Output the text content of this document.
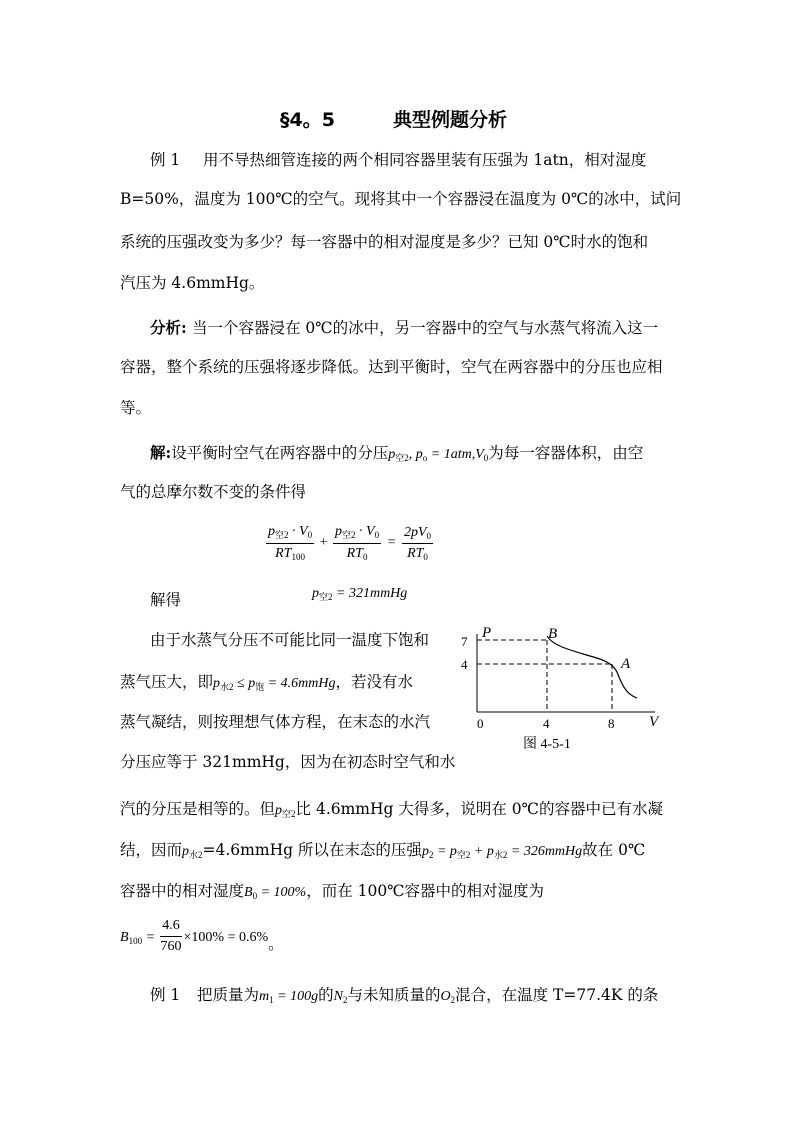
§4。5	典型例题分析
例 1 用不导热细管连接的两个相同容器里装有压强为 1atn，相对湿度
B=50%，温度为 100℃的空气。现将其中一个容器浸在温度为 0℃的冰中，试问
系统的压强改变为多少？每一容器中的相对湿度是多少？已知 0℃时水的饱和
汽压为 4.6mmHg。
分析: 当一个容器浸在 0℃的冰中，另一容器中的空气与水蒸气将流入这一
容器，整个系统的压强将逐步降低。达到平衡时，空气在两容器中的分压也应相
等。
解:设平衡时空气在两容器中的分压$p_{空2}$, $p_o = 1atm,V_0$为每一容器体积，由空
气的总摩尔数不变的条件得
$\frac{p_{空2} \cdot V_0}{RT_{100}} + \frac{p_{空2} \cdot V_0}{RT_0} = \frac{2pV_0}{RT_0}$
解得	$p_{空2}$ = 321mmHg
由于水蒸气分压不可能比同一温度下饱和
蒸气压大，即$p_{水2} \le p_饱$ = 4.6mmHg，若没有水
蒸气凝结，则按理想气体方程，在末态的水汽
分压应等于 321mmHg，因为在初态时空气和水
7
4
P	B
A
0	4	8 V
图 4-5-1
汽的分压是相等的。但$p_{空2}$比 4.6mmHg 大得多，说明在 0℃的容器中已有水凝
结，因而$p_{水2}=4.6mmHg$ 所以在末态的压强$p_2 = p_{空2} + p_{水2}$ = 326mmHg故在 0℃
容器中的相对湿度$B_0 = 100\%$，而在 100℃容器中的相对湿度为
$B_{100} = \frac{4.6}{760} \times 100\% = 0.6\%$。
例 1 把质量为$m_1 = 100g$的$N_2$与未知质量的$O_2$混合，在温度 T=77.4K 的条
